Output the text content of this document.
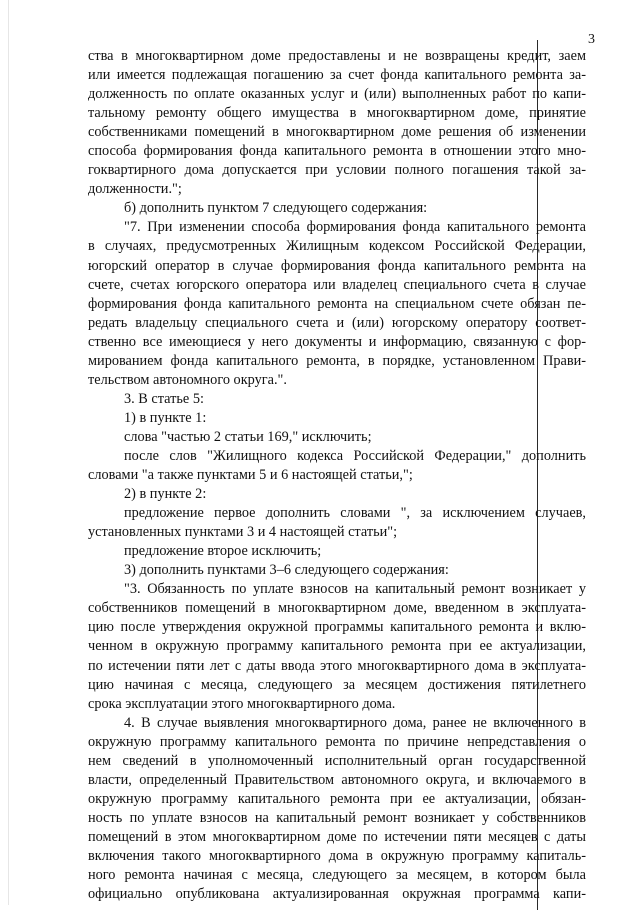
3
ства в многоквартирном доме предоставлены и не возвращены кредит, заем
или имеется подлежащая погашению за счет фонда капитального ремонта за-
долженность по оплате оказанных услуг и (или) выполненных работ по капи-
тальному ремонту общего имущества в многоквартирном доме, принятие
собственниками помещений в многоквартирном доме решения об изменении
способа формирования фонда капитального ремонта в отношении этого мно-
гоквартирного дома допускается при условии полного погашения такой за-
долженности.";
б) дополнить пунктом 7 следующего содержания:
"7. При изменении способа формирования фонда капитального ремонта
в случаях, предусмотренных Жилищным кодексом Российской Федерации,
югорский оператор в случае формирования фонда капитального ремонта на
счете, счетах югорского оператора или владелец специального счета в случае
формирования фонда капитального ремонта на специальном счете обязан пе-
редать владельцу специального счета и (или) югорскому оператору соответ-
ственно все имеющиеся у него документы и информацию, связанную с фор-
мированием фонда капитального ремонта, в порядке, установленном Прави-
тельством автономного округа.".
3. В статье 5:
1) в пункте 1:
слова "частью 2 статьи 169," исключить;
после слов "Жилищного кодекса Российской Федерации," дополнить
словами "а также пунктами 5 и 6 настоящей статьи,";
2) в пункте 2:
предложение первое дополнить словами ", за исключением случаев,
установленных пунктами 3 и 4 настоящей статьи";
предложение второе исключить;
3) дополнить пунктами 3–6 следующего содержания:
"3. Обязанность по уплате взносов на капитальный ремонт возникает у
собственников помещений в многоквартирном доме, введенном в эксплуата-
цию после утверждения окружной программы капитального ремонта и вклю-
ченном в окружную программу капитального ремонта при ее актуализации,
по истечении пяти лет с даты ввода этого многоквартирного дома в эксплуата-
цию начиная с месяца, следующего за месяцем достижения пятилетнего
срока эксплуатации этого многоквартирного дома.
4. В случае выявления многоквартирного дома, ранее не включенного в
окружную программу капитального ремонта по причине непредставления о
нем сведений в уполномоченный исполнительный орган государственной
власти, определенный Правительством автономного округа, и включаемого в
окружную программу капитального ремонта при ее актуализации, обязан-
ность по уплате взносов на капитальный ремонт возникает у собственников
помещений в этом многоквартирном доме по истечении пяти месяцев с даты
включения такого многоквартирного дома в окружную программу капиталь-
ного ремонта начиная с месяца, следующего за месяцем, в котором была
официально опубликована актуализированная окружная программа капи-
